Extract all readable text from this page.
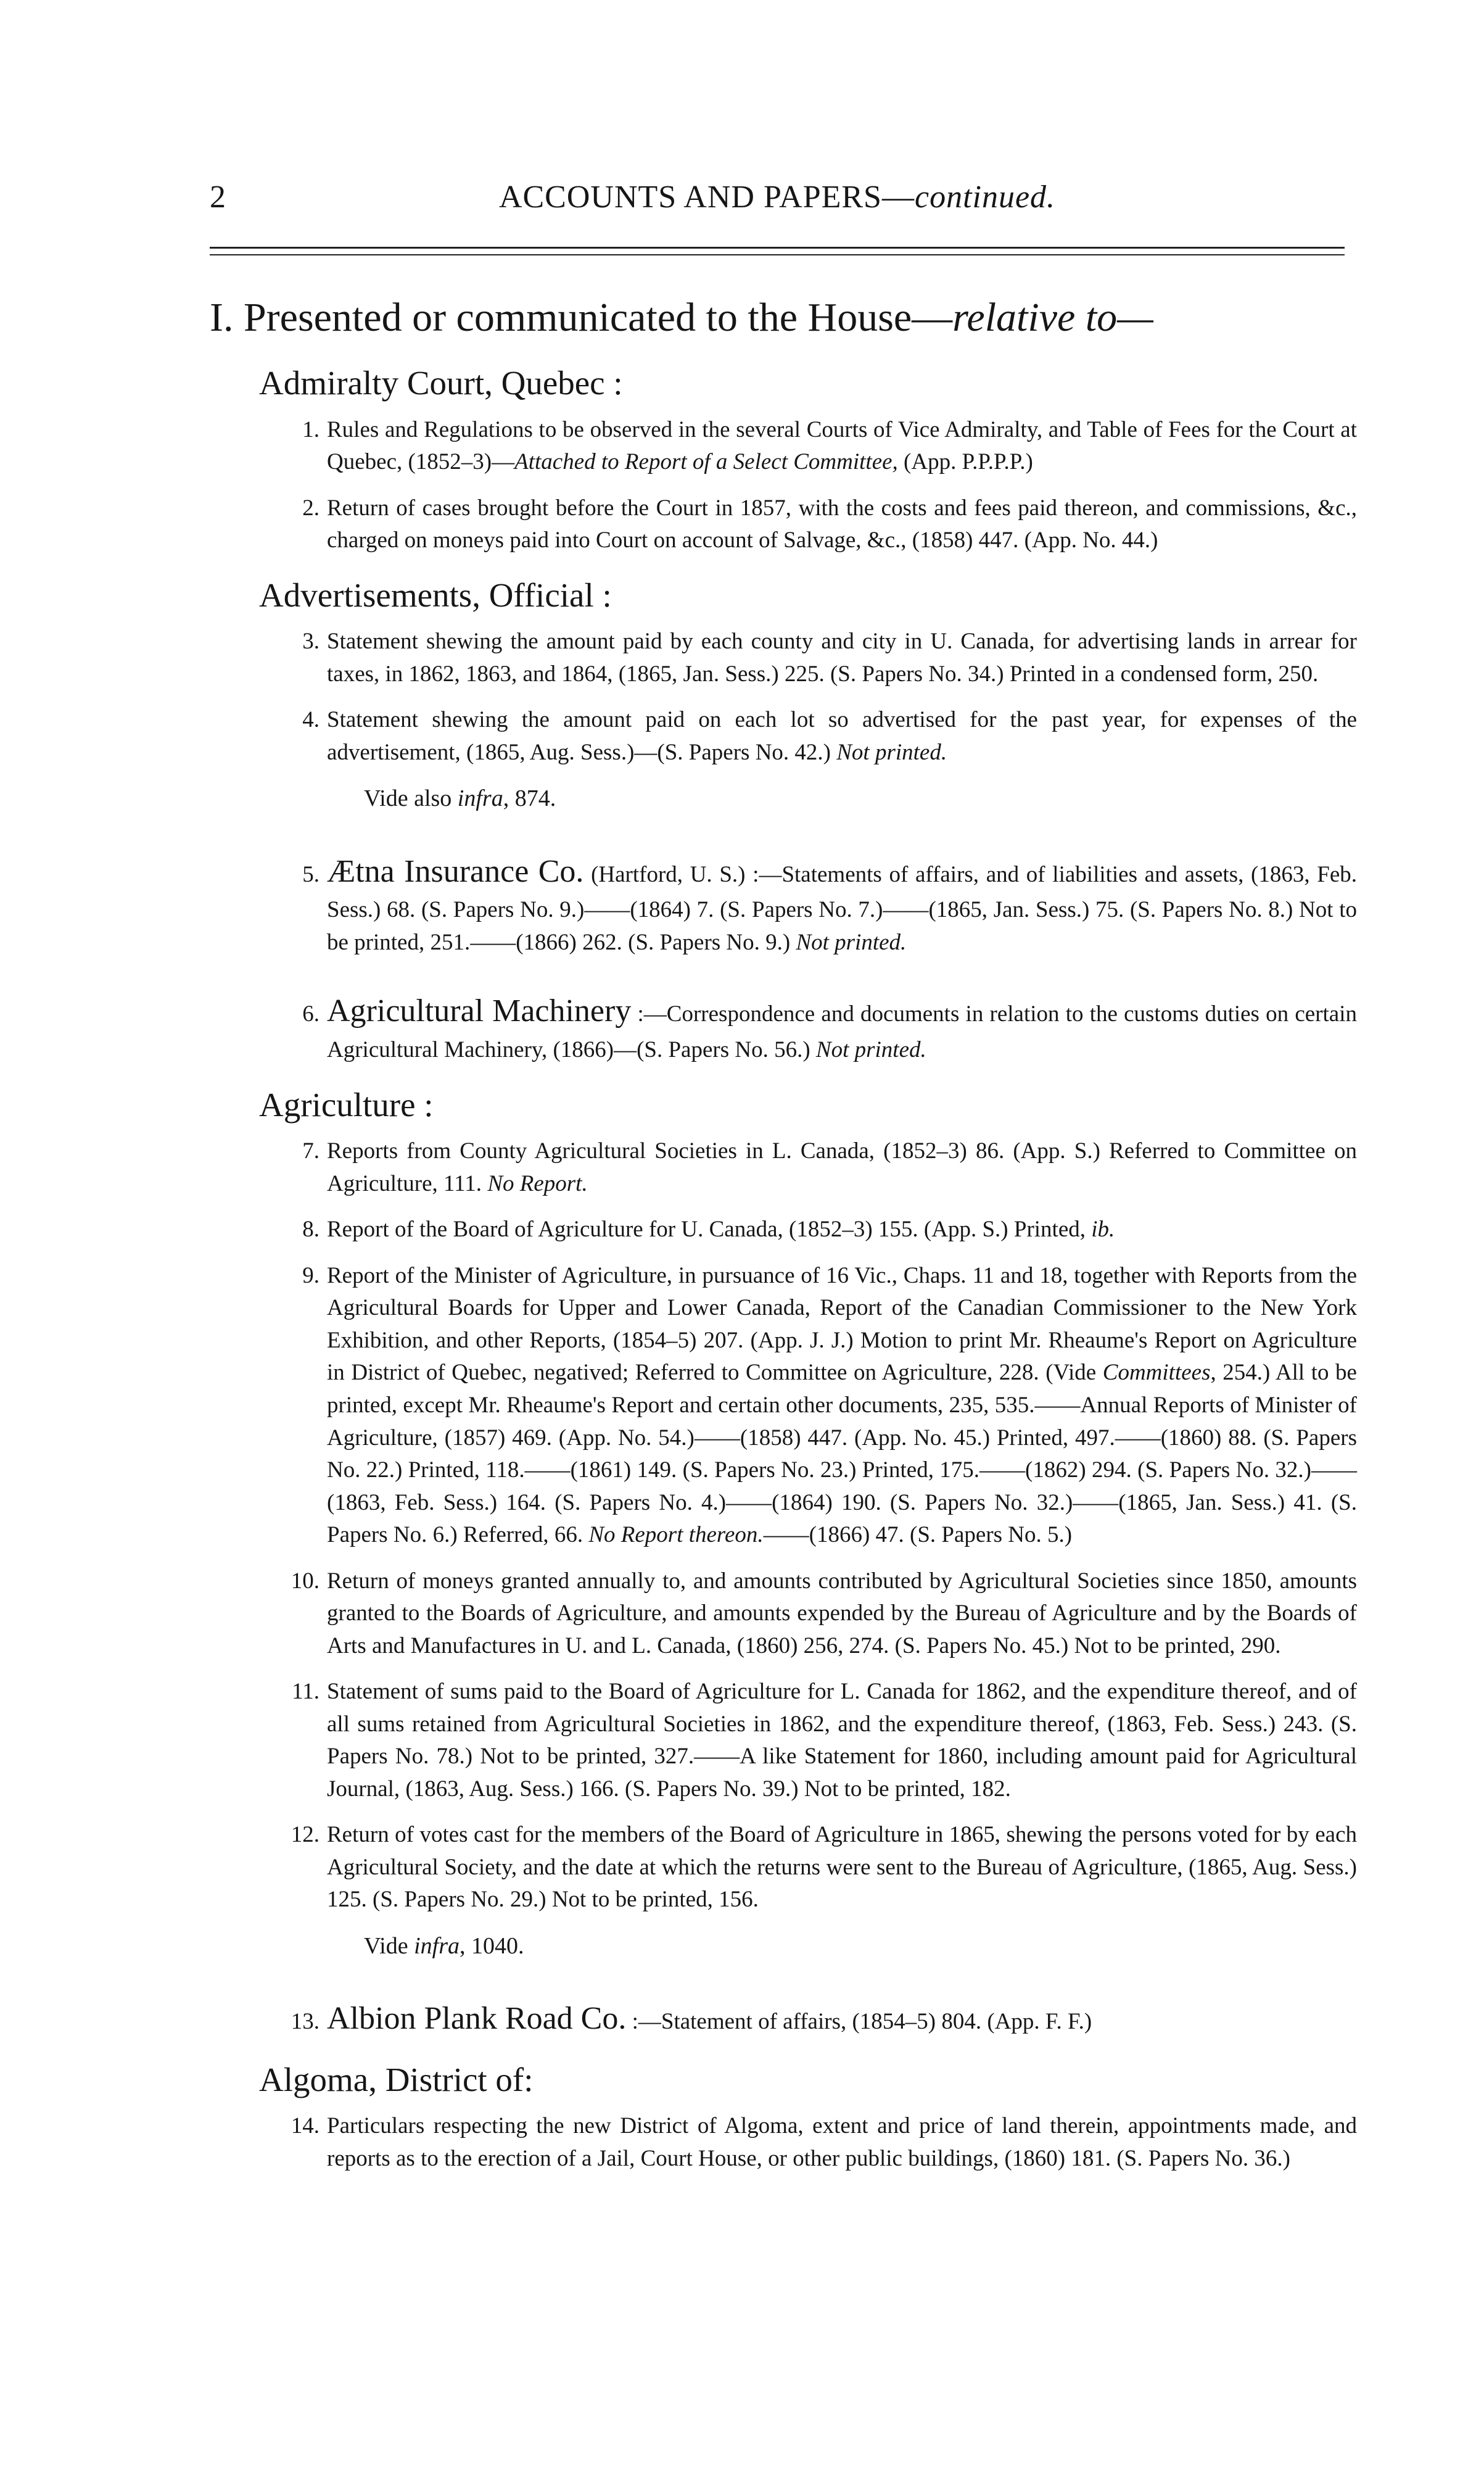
2	ACCOUNTS AND PAPERS—continued.
I. Presented or communicated to the House—relative to—
Admiralty Court, Quebec :
1. Rules and Regulations to be observed in the several Courts of Vice Admiralty, and Table of Fees for the Court at Quebec, (1852–3)—Attached to Report of a Select Committee, (App. P.P.P.P.)
2. Return of cases brought before the Court in 1857, with the costs and fees paid thereon, and commissions, &c., charged on moneys paid into Court on account of Salvage, &c., (1858) 447. (App. No. 44.)
Advertisements, Official :
3. Statement shewing the amount paid by each county and city in U. Canada, for advertising lands in arrear for taxes, in 1862, 1863, and 1864, (1865, Jan. Sess.) 225. (S. Papers No. 34.) Printed in a condensed form, 250.
4. Statement shewing the amount paid on each lot so advertised for the past year, for expenses of the advertisement, (1865, Aug. Sess.)—(S. Papers No. 42.) Not printed.
Vide also infra, 874.
5. Ætna Insurance Co. (Hartford, U. S.) :—Statements of affairs, and of liabilities and assets, (1863, Feb. Sess.) 68. (S. Papers No. 9.)——(1864) 7. (S. Papers No. 7.)——(1865, Jan. Sess.) 75. (S. Papers No. 8.) Not to be printed, 251.——(1866) 262. (S. Papers No. 9.) Not printed.
6. Agricultural Machinery :—Correspondence and documents in relation to the customs duties on certain Agricultural Machinery, (1866)—(S. Papers No. 56.) Not printed.
Agriculture :
7. Reports from County Agricultural Societies in L. Canada, (1852–3) 86. (App. S.) Referred to Committee on Agriculture, 111. No Report.
8. Report of the Board of Agriculture for U. Canada, (1852–3) 155. (App. S.) Printed, ib.
9. Report of the Minister of Agriculture, in pursuance of 16 Vic., Chaps. 11 and 18, together with Reports from the Agricultural Boards for Upper and Lower Canada, Report of the Canadian Commissioner to the New York Exhibition, and other Reports, (1854–5) 207. (App. J. J.) Motion to print Mr. Rheaume's Report on Agriculture in District of Quebec, negatived; Referred to Committee on Agriculture, 228. (Vide Committees, 254.) All to be printed, except Mr. Rheaume's Report and certain other documents, 235, 535.——Annual Reports of Minister of Agriculture, (1857) 469. (App. No. 54.)——(1858) 447. (App. No. 45.) Printed, 497.——(1860) 88. (S. Papers No. 22.) Printed, 118.——(1861) 149. (S. Papers No. 23.) Printed, 175.——(1862) 294. (S. Papers No. 32.)——(1863, Feb. Sess.) 164. (S. Papers No. 4.)——(1864) 190. (S. Papers No. 32.)——(1865, Jan. Sess.) 41. (S. Papers No. 6.) Referred, 66. No Report thereon.——(1866) 47. (S. Papers No. 5.)
10. Return of moneys granted annually to, and amounts contributed by Agricultural Societies since 1850, amounts granted to the Boards of Agriculture, and amounts expended by the Bureau of Agriculture and by the Boards of Arts and Manufactures in U. and L. Canada, (1860) 256, 274. (S. Papers No. 45.) Not to be printed, 290.
11. Statement of sums paid to the Board of Agriculture for L. Canada for 1862, and the expenditure thereof, and of all sums retained from Agricultural Societies in 1862, and the expenditure thereof, (1863, Feb. Sess.) 243. (S. Papers No. 78.) Not to be printed, 327.——A like Statement for 1860, including amount paid for Agricultural Journal, (1863, Aug. Sess.) 166. (S. Papers No. 39.) Not to be printed, 182.
12. Return of votes cast for the members of the Board of Agriculture in 1865, shewing the persons voted for by each Agricultural Society, and the date at which the returns were sent to the Bureau of Agriculture, (1865, Aug. Sess.) 125. (S. Papers No. 29.) Not to be printed, 156.
Vide infra, 1040.
13. Albion Plank Road Co. :—Statement of affairs, (1854–5) 804. (App. F. F.)
Algoma, District of:
14. Particulars respecting the new District of Algoma, extent and price of land therein, appointments made, and reports as to the erection of a Jail, Court House, or other public buildings, (1860) 181. (S. Papers No. 36.)
